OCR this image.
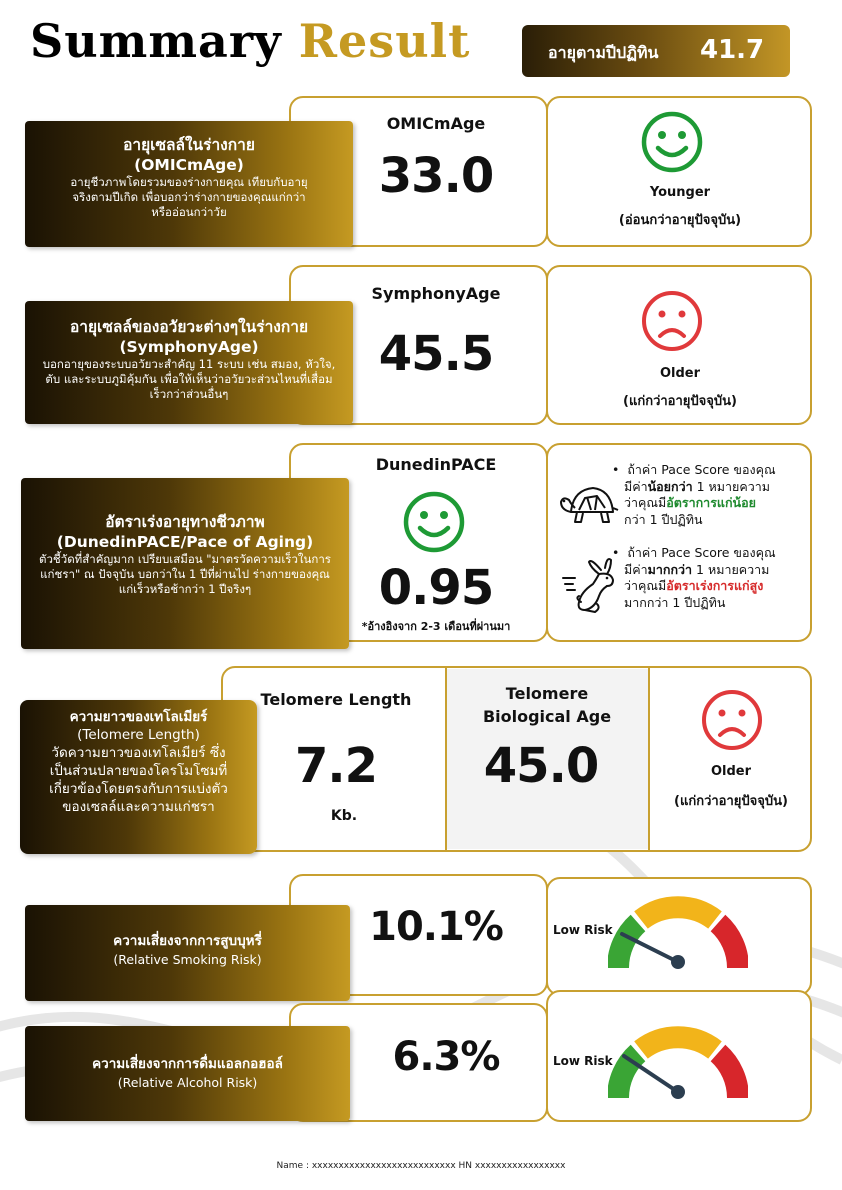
Summary Result	อายุตามปีปฏิทิน 41.7
OMICmAge
33.0	Younger
(อ่อนกว่าอายุปัจจุบัน)
อายุเซลล์ในร่างกาย
(OMICmAge)
อายุชีวภาพโดยรวมของร่างกายคุณ เทียบกับอายุจริงตามปีเกิด เพื่อบอกว่าร่างกายของคุณแก่กว่าหรืออ่อนกว่าวัย
SymphonyAge
45.5	Older
(แก่กว่าอายุปัจจุบัน)
อายุเซลล์ของอวัยวะต่างๆในร่างกาย
(SymphonyAge)
บอกอายุของระบบอวัยวะสำคัญ 11 ระบบ เช่น สมอง, หัวใจ, ตับ และระบบภูมิคุ้มกัน เพื่อให้เห็นว่าอวัยวะส่วนไหนที่เสื่อมเร็วกว่าส่วนอื่นๆ
DunedinPACE
0.95
*อ้างอิงจาก 2-3 เดือนที่ผ่านมา
•  ถ้าค่า Pace Score ของคุณ
มีค่าน้อยกว่า 1 หมายความ
ว่าคุณมีอัตราการแก่น้อย
กว่า 1 ปีปฏิทิน
•  ถ้าค่า Pace Score ของคุณ
มีค่ามากกว่า 1 หมายความ
ว่าคุณมีอัตราเร่งการแก่สูง
มากกว่า 1 ปีปฏิทิน
อัตราเร่งอายุทางชีวภาพ
(DunedinPACE/Pace of Aging)
ตัวชี้วัดที่สำคัญมาก เปรียบเสมือน "มาตรวัดความเร็วในการแก่ชรา" ณ ปัจจุบัน บอกว่าใน 1 ปีที่ผ่านไป ร่างกายของคุณแก่เร็วหรือช้ากว่า 1 ปีจริงๆ
Telomere Length
7.2
Kb.
Telomere
Biological Age
45.0	Older
(แก่กว่าอายุปัจจุบัน)
ความยาวของเทโลเมียร์
(Telomere Length)
วัดความยาวของเทโลเมียร์ ซึ่งเป็นส่วนปลายของโครโมโซมที่เกี่ยวข้องโดยตรงกับการแบ่งตัวของเซลล์และความแก่ชรา
10.1%	Low Risk
ความเสี่ยงจากการสูบบุหรี่
(Relative Smoking Risk)
6.3%	Low Risk
ความเสี่ยงจากการดื่มแอลกอฮอล์
(Relative Alcohol Risk)
Name : xxxxxxxxxxxxxxxxxxxxxxxxxxx HN xxxxxxxxxxxxxxxxx
